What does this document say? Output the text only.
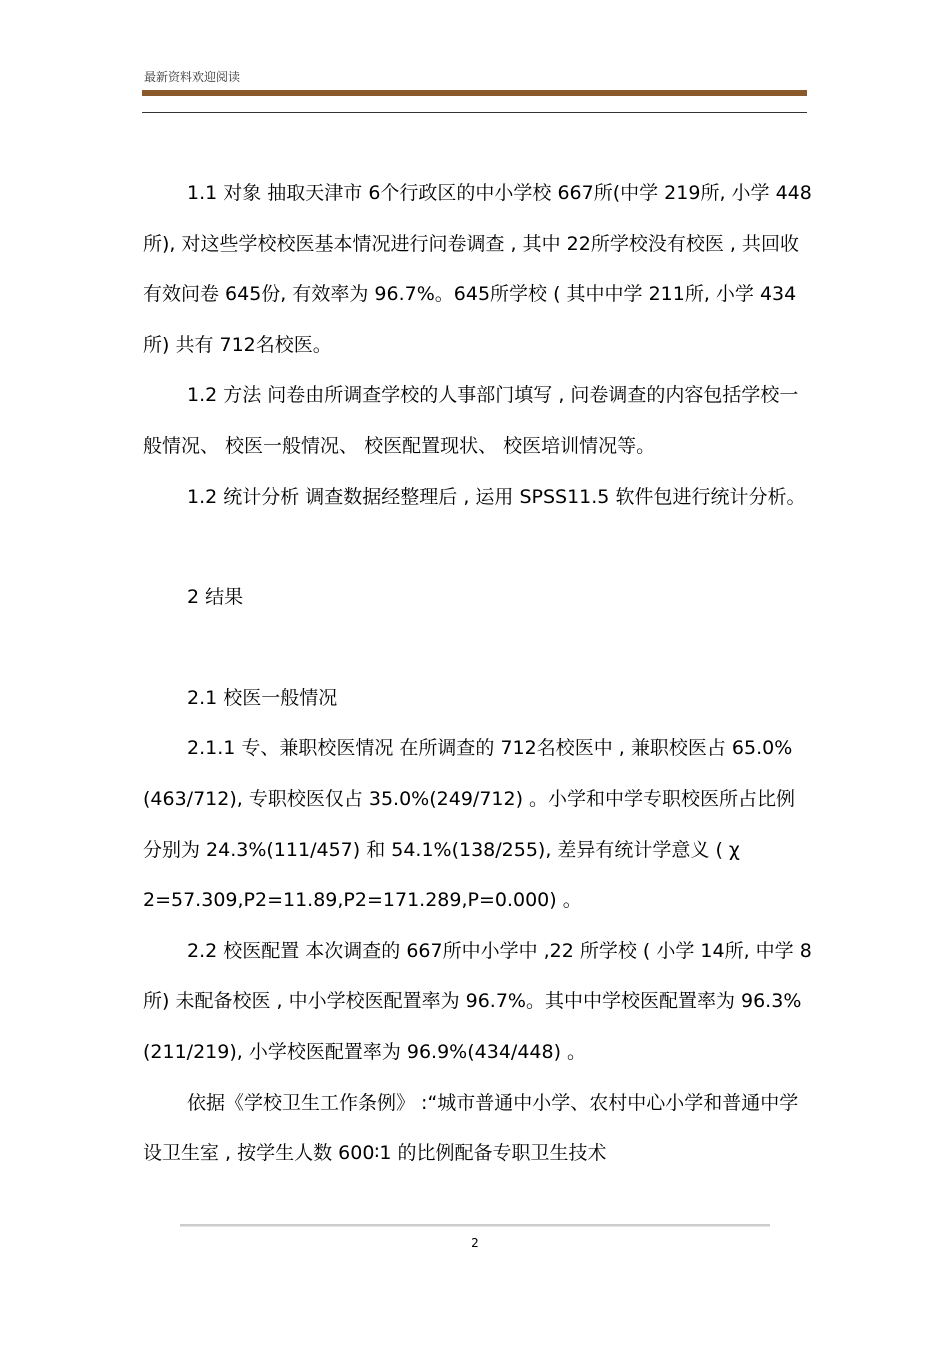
最新资料欢迎阅读

1.1 对象 抽取天津市 6个行政区的中小学校 667所(中学 219所, 小学 448所), 对这些学校校医基本情况进行问卷调查 , 其中 22所学校没有校医 , 共回收有效问卷 645份, 有效率为 96.7%。645所学校 ( 其中中学 211所, 小学 434所) 共有 712名校医。

1.2 方法 问卷由所调查学校的人事部门填写 , 问卷调查的内容包括学校一般情况、 校医一般情况、 校医配置现状、 校医培训情况等。

1.2 统计分析 调查数据经整理后 , 运用 SPSS11.5 软件包进行统计分析。

2 结果

2.1 校医一般情况

2.1.1 专、兼职校医情况 在所调查的 712名校医中 , 兼职校医占 65.0%(463/712), 专职校医仅占 35.0%(249/712) 。小学和中学专职校医所占比例分别为 24.3%(111/457) 和 54.1%(138/255), 差异有统计学意义 ( χ 2=57.309,P2=11.89,P2=171.289,P=0.000) 。

2.2 校医配置 本次调查的 667所中小学中 ,22 所学校 ( 小学 14所, 中学 8 所) 未配备校医 , 中小学校医配置率为 96.7%。其中中学校医配置率为 96.3%(211/219), 小学校医配置率为 96.9%(434/448) 。

依据《学校卫生工作条例》 :“城市普通中小学、农村中心小学和普通中学设卫生室 , 按学生人数 600∶1 的比例配备专职卫生技术

2
